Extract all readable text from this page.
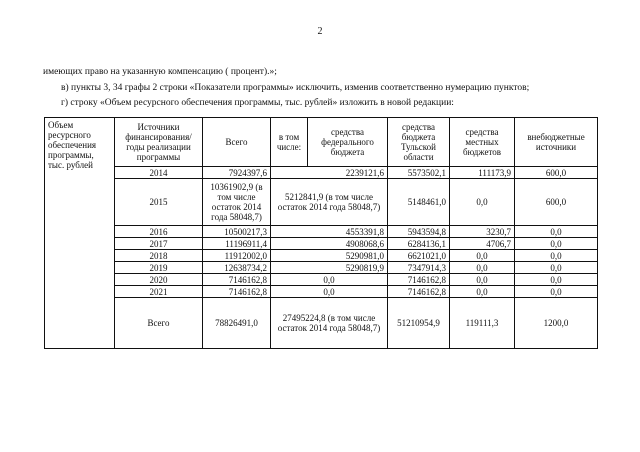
2
имеющих право на указанную компенсацию ( процент).»;
в) пункты 3, 34 графы 2 строки «Показатели программы» исключить, изменив соответственно нумерацию пунктов;
г) строку «Объем ресурсного обеспечения программы, тыс. рублей» изложить в новой редакции:
Объем ресурсного обеспечения программы, тыс. рублей	Источники финансирования/ годы реализации программы	Всего	в том числе:	средства федерального бюджета	средства бюджета Тульской области	средства местных бюджетов	внебюджетные источники
	2014	7924397,6	2239121,6		5573502,1	111173,9	600,0
	2015	10361902,9 (в том числе остаток 2014 года 58048,7)	5212841,9 (в том числе остаток 2014 года 58048,7)		5148461,0	0,0	600,0
	2016	10500217,3	4553391,8		5943594,8	3230,7	0,0
	2017	11196911,4	4908068,6		6284136,1	4706,7	0,0
	2018	11912002,0	5290981,0		6621021,0	0,0	0,0
	2019	12638734,2	5290819,9		7347914,3	0,0	0,0
	2020	7146162,8	0,0		7146162,8	0,0	0,0
	2021	7146162,8	0,0		7146162,8	0,0	0,0
	Всего	78826491,0	27495224,8 (в том числе остаток 2014 года 58048,7)		51210954,9	119111,3	1200,0
